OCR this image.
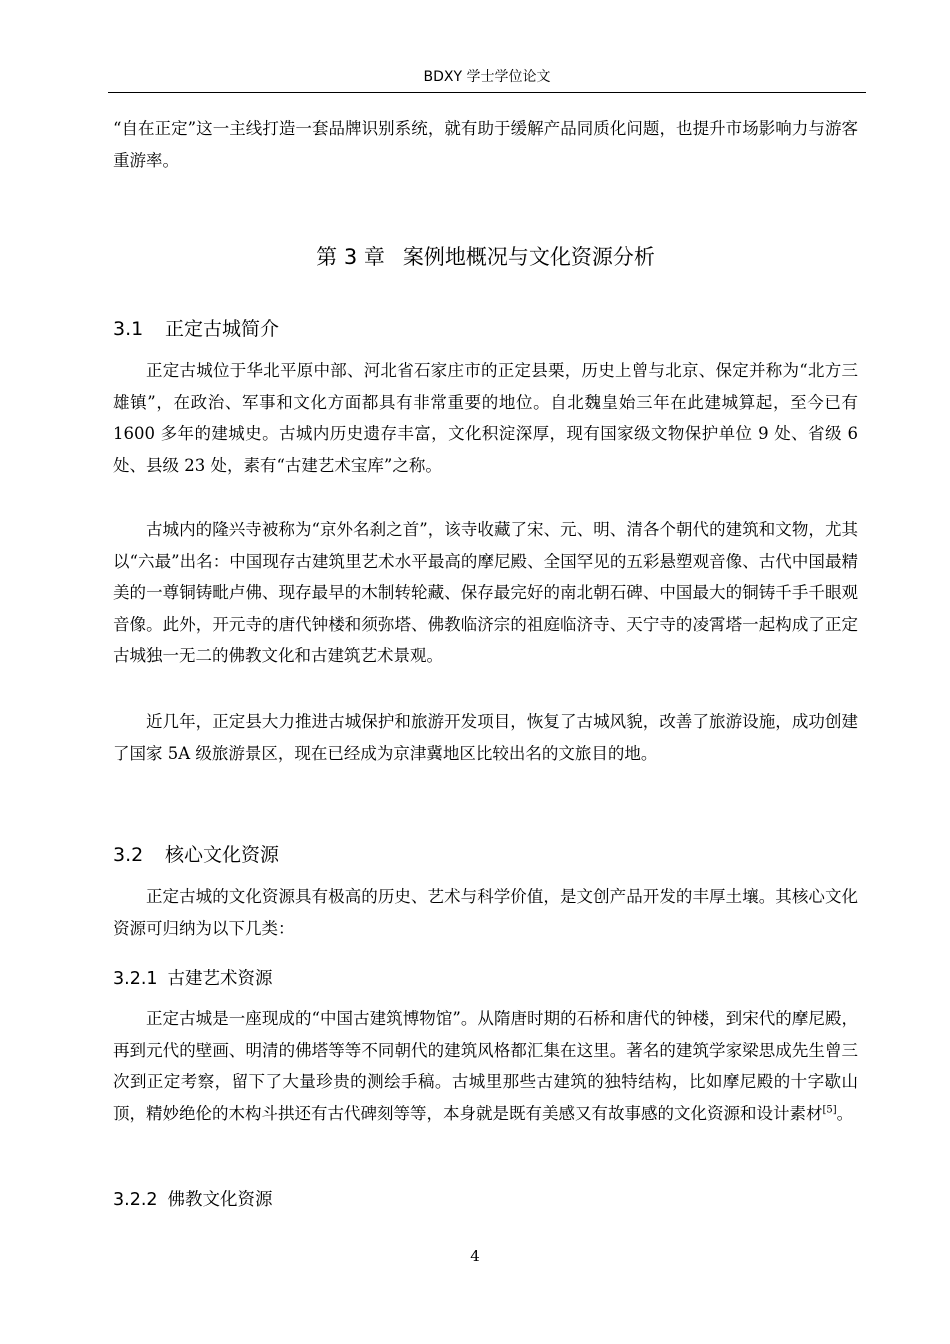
BDXY 学士学位论文

“自在正定”这一主线打造一套品牌识别系统，就有助于缓解产品同质化问题，也提升市场影响力与游客重游率。

第 3 章 案例地概况与文化资源分析
3.1 正定古城简介

正定古城位于华北平原中部、河北省石家庄市的正定县栗，历史上曾与北京、保定并称为“北方三雄镇”，在政治、军事和文化方面都具有非常重要的地位。自北魏皇始三年在此建城算起，至今已有 1600 多年的建城史。古城内历史遗存丰富，文化积淀深厚，现有国家级文物保护单位 9 处、省级 6 处、县级 23 处，素有“古建艺术宝库”之称。

古城内的隆兴寺被称为“京外名刹之首”，该寺收藏了宋、元、明、清各个朝代的建筑和文物，尤其以“六最”出名：中国现存古建筑里艺术水平最高的摩尼殿、全国罕见的五彩悬塑观音像、古代中国最精美的一尊铜铸毗卢佛、现存最早的木制转轮藏、保存最完好的南北朝石碑、中国最大的铜铸千手千眼观音像。此外，开元寺的唐代钟楼和须弥塔、佛教临济宗的祖庭临济寺、天宁寺的凌霄塔一起构成了正定古城独一无二的佛教文化和古建筑艺术景观。

近几年，正定县大力推进古城保护和旅游开发项目，恢复了古城风貌，改善了旅游设施，成功创建了国家 5A 级旅游景区，现在已经成为京津冀地区比较出名的文旅目的地。

3.2 核心文化资源

正定古城的文化资源具有极高的历史、艺术与科学价值，是文创产品开发的丰厚土壤。其核心文化资源可归纳为以下几类：

3.2.1 古建艺术资源

正定古城是一座现成的“中国古建筑博物馆”。从隋唐时期的石桥和唐代的钟楼，到宋代的摩尼殿，再到元代的壁画、明清的佛塔等等不同朝代的建筑风格都汇集在这里。著名的建筑学家梁思成先生曾三次到正定考察，留下了大量珍贵的测绘手稿。古城里那些古建筑的独特结构，比如摩尼殿的十字歇山顶，精妙绝伦的木构斗拱还有古代碑刻等等，本身就是既有美感又有故事感的文化资源和设计素材[5]。

3.2.2 佛教文化资源
4
